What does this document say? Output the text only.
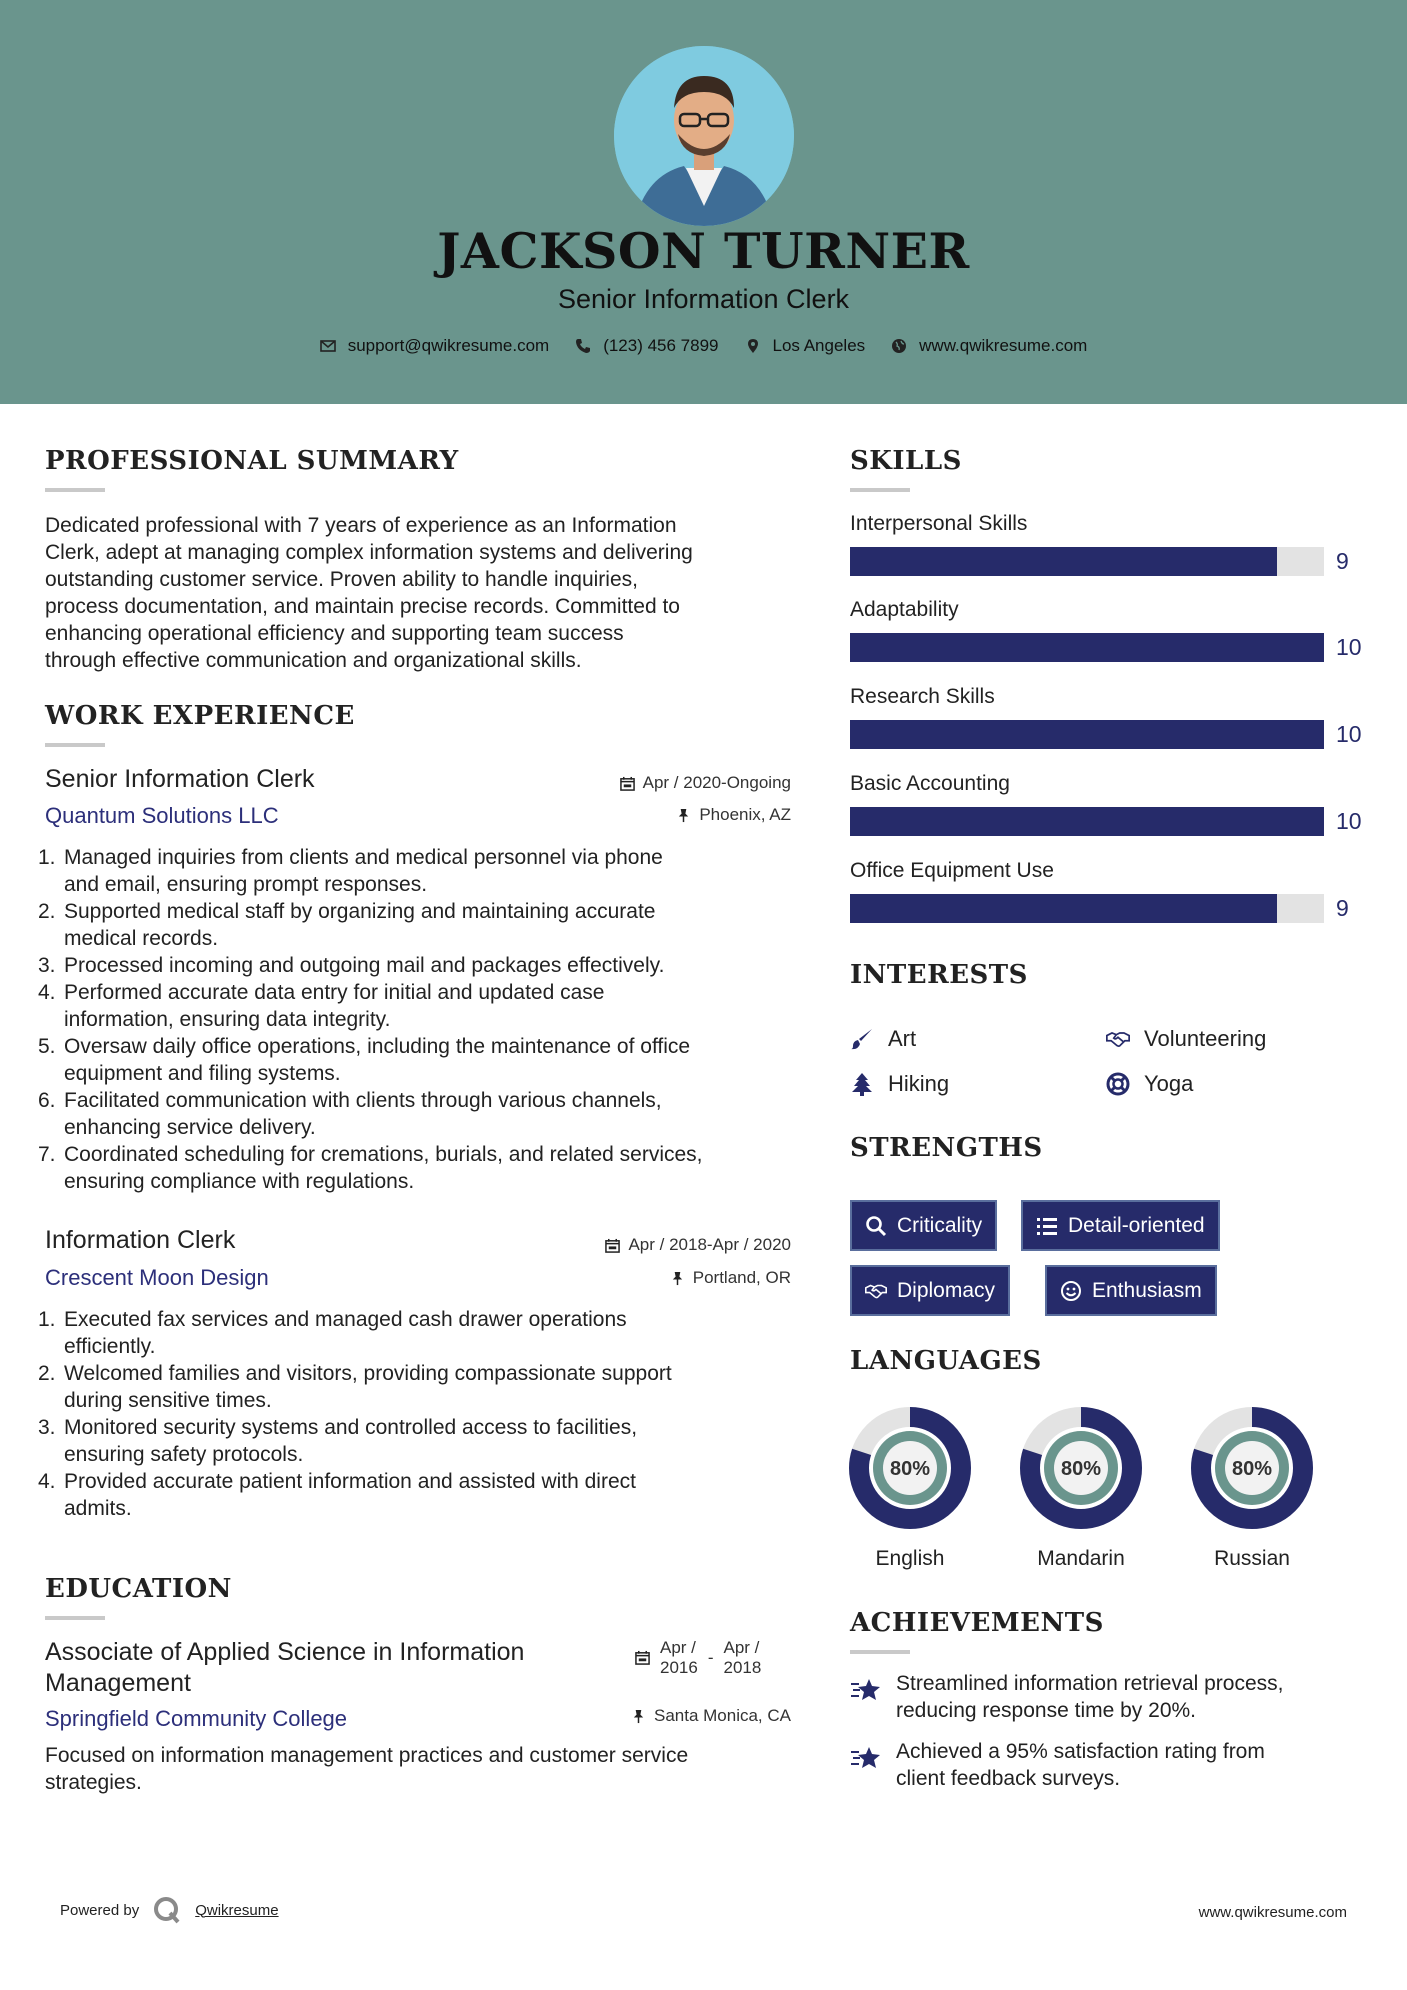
JACKSON TURNER
Senior Information Clerk
support@qwikresume.com	(123) 456 7899	Los Angeles	www.qwikresume.com
PROFESSIONAL SUMMARY
Dedicated professional with 7 years of experience as an Information
Clerk, adept at managing complex information systems and delivering
outstanding customer service. Proven ability to handle inquiries,
process documentation, and maintain precise records. Committed to
enhancing operational efficiency and supporting team success
through effective communication and organizational skills.
WORK EXPERIENCE
Senior Information Clerk
Quantum Solutions LLC
Apr / 2020-Ongoing
Phoenix, AZ
1. Managed inquiries from clients and medical personnel via phone
and email, ensuring prompt responses.
2. Supported medical staff by organizing and maintaining accurate
medical records.
3. Processed incoming and outgoing mail and packages effectively.
4. Performed accurate data entry for initial and updated case
information, ensuring data integrity.
5. Oversaw daily office operations, including the maintenance of office
equipment and filing systems.
6. Facilitated communication with clients through various channels,
enhancing service delivery.
7. Coordinated scheduling for cremations, burials, and related services,
ensuring compliance with regulations.
Information Clerk
Crescent Moon Design
Apr / 2018-Apr / 2020
Portland, OR
1. Executed fax services and managed cash drawer operations
efficiently.
2. Welcomed families and visitors, providing compassionate support
during sensitive times.
3. Monitored security systems and controlled access to facilities,
ensuring safety protocols.
4. Provided accurate patient information and assisted with direct
admits.
EDUCATION
Associate of Applied Science in Information
Management
Springfield Community College
Apr /
2016
-
Apr /
2018
Santa Monica, CA
Focused on information management practices and customer service
strategies.
SKILLS
Interpersonal Skills
9
Adaptability
10
Research Skills
10
Basic Accounting
10
Office Equipment Use
9
INTERESTS
Art	Volunteering
Hiking	Yoga
STRENGTHS
Criticality	Detail-oriented
Diplomacy	Enthusiasm
LANGUAGES
80%
English
80%
Mandarin
80%
Russian
ACHIEVEMENTS
Streamlined information retrieval process,
reducing response time by 20%.
Achieved a 95% satisfaction rating from
client feedback surveys.
Powered by	Qwikresume	www.qwikresume.com
